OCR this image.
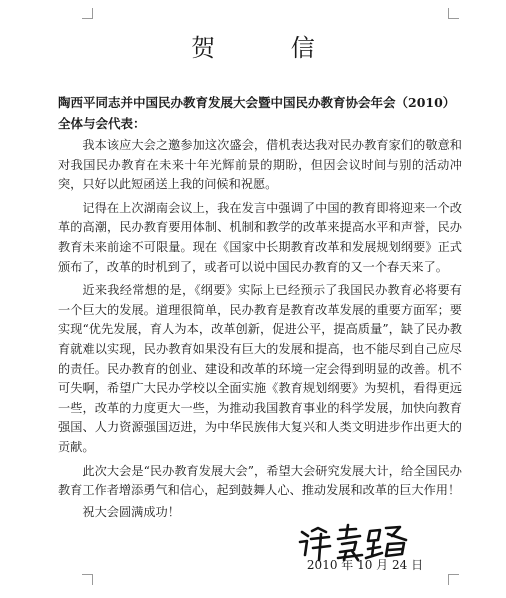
贺 信
陶西平同志并中国民办教育发展大会暨中国民办教育协会年会（2010）全体与会代表：

我本该应大会之邀参加这次盛会，借机表达我对民办教育家们的敬意和对我国民办教育在未来十年光辉前景的期盼，但因会议时间与别的活动冲突，只好以此短函送上我的问候和祝愿。

记得在上次湖南会议上，我在发言中强调了中国的教育即将迎来一个改革的高潮，民办教育要用体制、机制和教学的改革来提高水平和声誉，民办教育未来前途不可限量。现在《国家中长期教育改革和发展规划纲要》正式颁布了，改革的时机到了，或者可以说中国民办教育的又一个春天来了。

近来我经常想的是，《纲要》实际上已经预示了我国民办教育必将要有一个巨大的发展。道理很简单，民办教育是教育改革发展的重要方面军；要实现“优先发展，育人为本，改革创新，促进公平，提高质量”，缺了民办教育就难以实现，民办教育如果没有巨大的发展和提高，也不能尽到自己应尽的责任。民办教育的创业、建设和改革的环境一定会得到明显的改善。机不可失啊，希望广大民办学校以全面实施《教育规划纲要》为契机，看得更远一些，改革的力度更大一些，为推动我国教育事业的科学发展，加快向教育强国、人力资源强国迈进，为中华民族伟大复兴和人类文明进步作出更大的贡献。

此次大会是“民办教育发展大会”，希望大会研究发展大计，给全国民办教育工作者增添勇气和信心，起到鼓舞人心、推动发展和改革的巨大作用！

祝大会圆满成功！

2010 年 10 月 24 日
